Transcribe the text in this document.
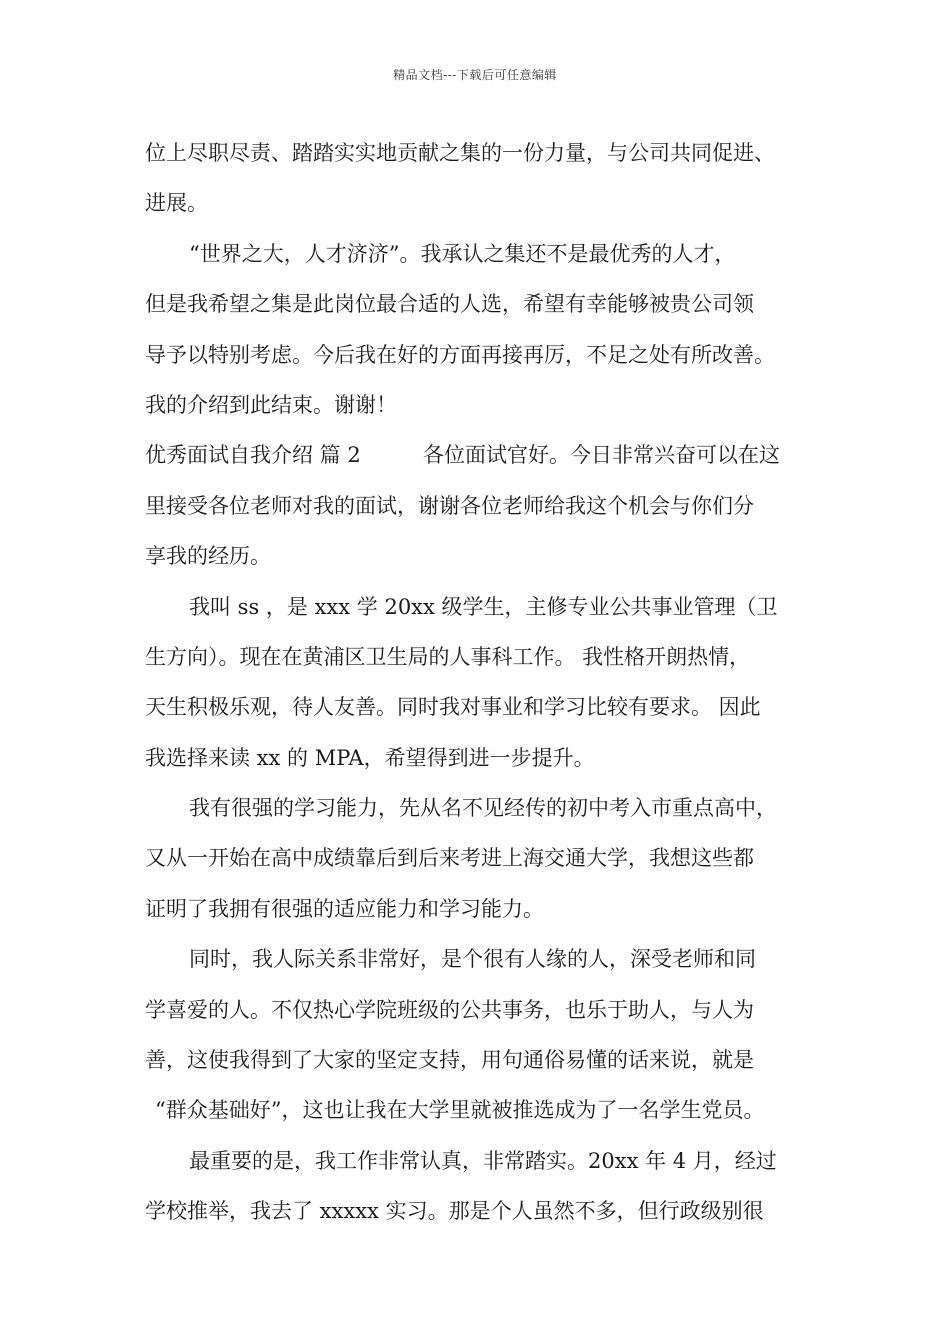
精品文档---下载后可任意编辑
位上尽职尽责、踏踏实实地贡献之集的一份力量，与公司共同促进、
进展。
“世界之大，人才济济”。我承认之集还不是最优秀的人才，
但是我希望之集是此岗位最合适的人选，希望有幸能够被贵公司领
导予以特别考虑。今后我在好的方面再接再厉，不足之处有所改善。
我的介绍到此结束。谢谢！
优秀面试自我介绍 篇 2	各位面试官好。今日非常兴奋可以在这
里接受各位老师对我的面试，谢谢各位老师给我这个机会与你们分
享我的经历。
我叫 ss ，是 xxx 学 20xx 级学生，主修专业公共事业管理（卫
生方向）。现在在黄浦区卫生局的人事科工作。 我性格开朗热情，
天生积极乐观，待人友善。同时我对事业和学习比较有要求。 因此
我选择来读 xx 的 MPA，希望得到进一步提升。
我有很强的学习能力，先从名不见经传的初中考入市重点高中，
又从一开始在高中成绩靠后到后来考进上海交通大学，我想这些都
证明了我拥有很强的适应能力和学习能力。
同时，我人际关系非常好，是个很有人缘的人，深受老师和同
学喜爱的人。不仅热心学院班级的公共事务，也乐于助人，与人为
善，这使我得到了大家的坚定支持，用句通俗易懂的话来说，就是
“群众基础好”，这也让我在大学里就被推选成为了一名学生党员。
最重要的是，我工作非常认真，非常踏实。20xx 年 4 月，经过
学校推举，我去了 xxxxx 实习。那是个人虽然不多，但行政级别很
